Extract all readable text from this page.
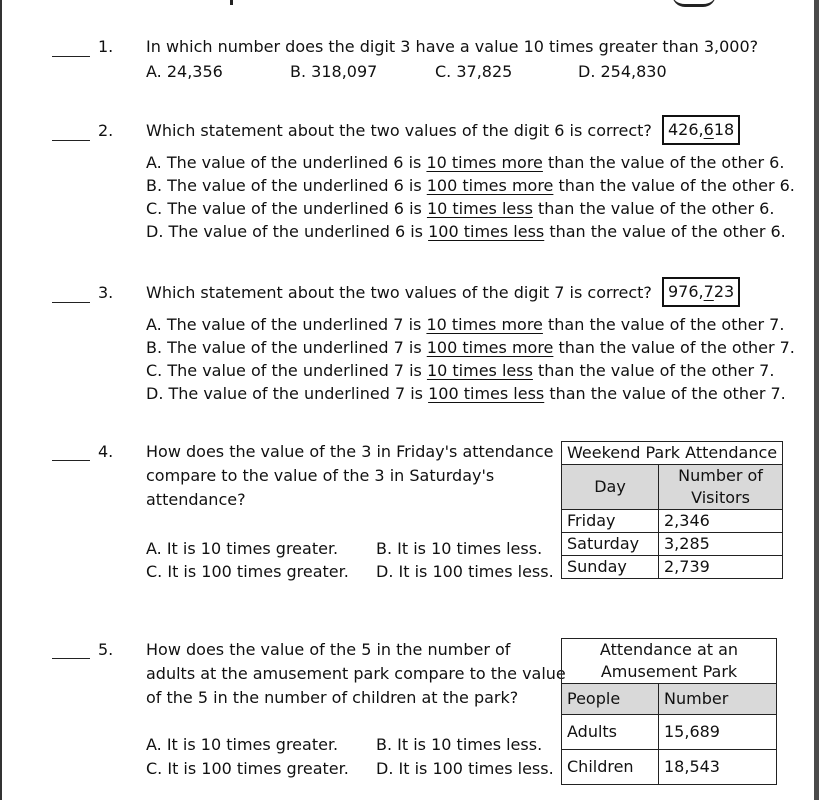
1. In which number does the digit 3 have a value 10 times greater than 3,000?
A. 24,356	B. 318,097	C. 37,825	D. 254,830
2. Which statement about the two values of the digit 6 is correct?	426,618
A. The value of the underlined 6 is 10 times more than the value of the other 6.
B. The value of the underlined 6 is 100 times more than the value of the other 6.
C. The value of the underlined 6 is 10 times less than the value of the other 6.
D. The value of the underlined 6 is 100 times less than the value of the other 6.
3. Which statement about the two values of the digit 7 is correct?	976,723
A. The value of the underlined 7 is 10 times more than the value of the other 7.
B. The value of the underlined 7 is 100 times more than the value of the other 7.
C. The value of the underlined 7 is 10 times less than the value of the other 7.
D. The value of the underlined 7 is 100 times less than the value of the other 7.
4. How does the value of the 3 in Friday's attendance
compare to the value of the 3 in Saturday's
attendance?
A. It is 10 times greater. B. It is 10 times less.
C. It is 100 times greater. D. It is 100 times less.
Weekend Park Attendance	
Day	Number of
Visitors
Friday	2,346
Saturday	3,285
Sunday	2,739
5. How does the value of the 5 in the number of
adults at the amusement park compare to the value
of the 5 in the number of children at the park?
A. It is 10 times greater. B. It is 10 times less.
C. It is 100 times greater. D. It is 100 times less.
Attendance at an
Amusement Park	
People	Number
Adults	15,689
Children	18,543
